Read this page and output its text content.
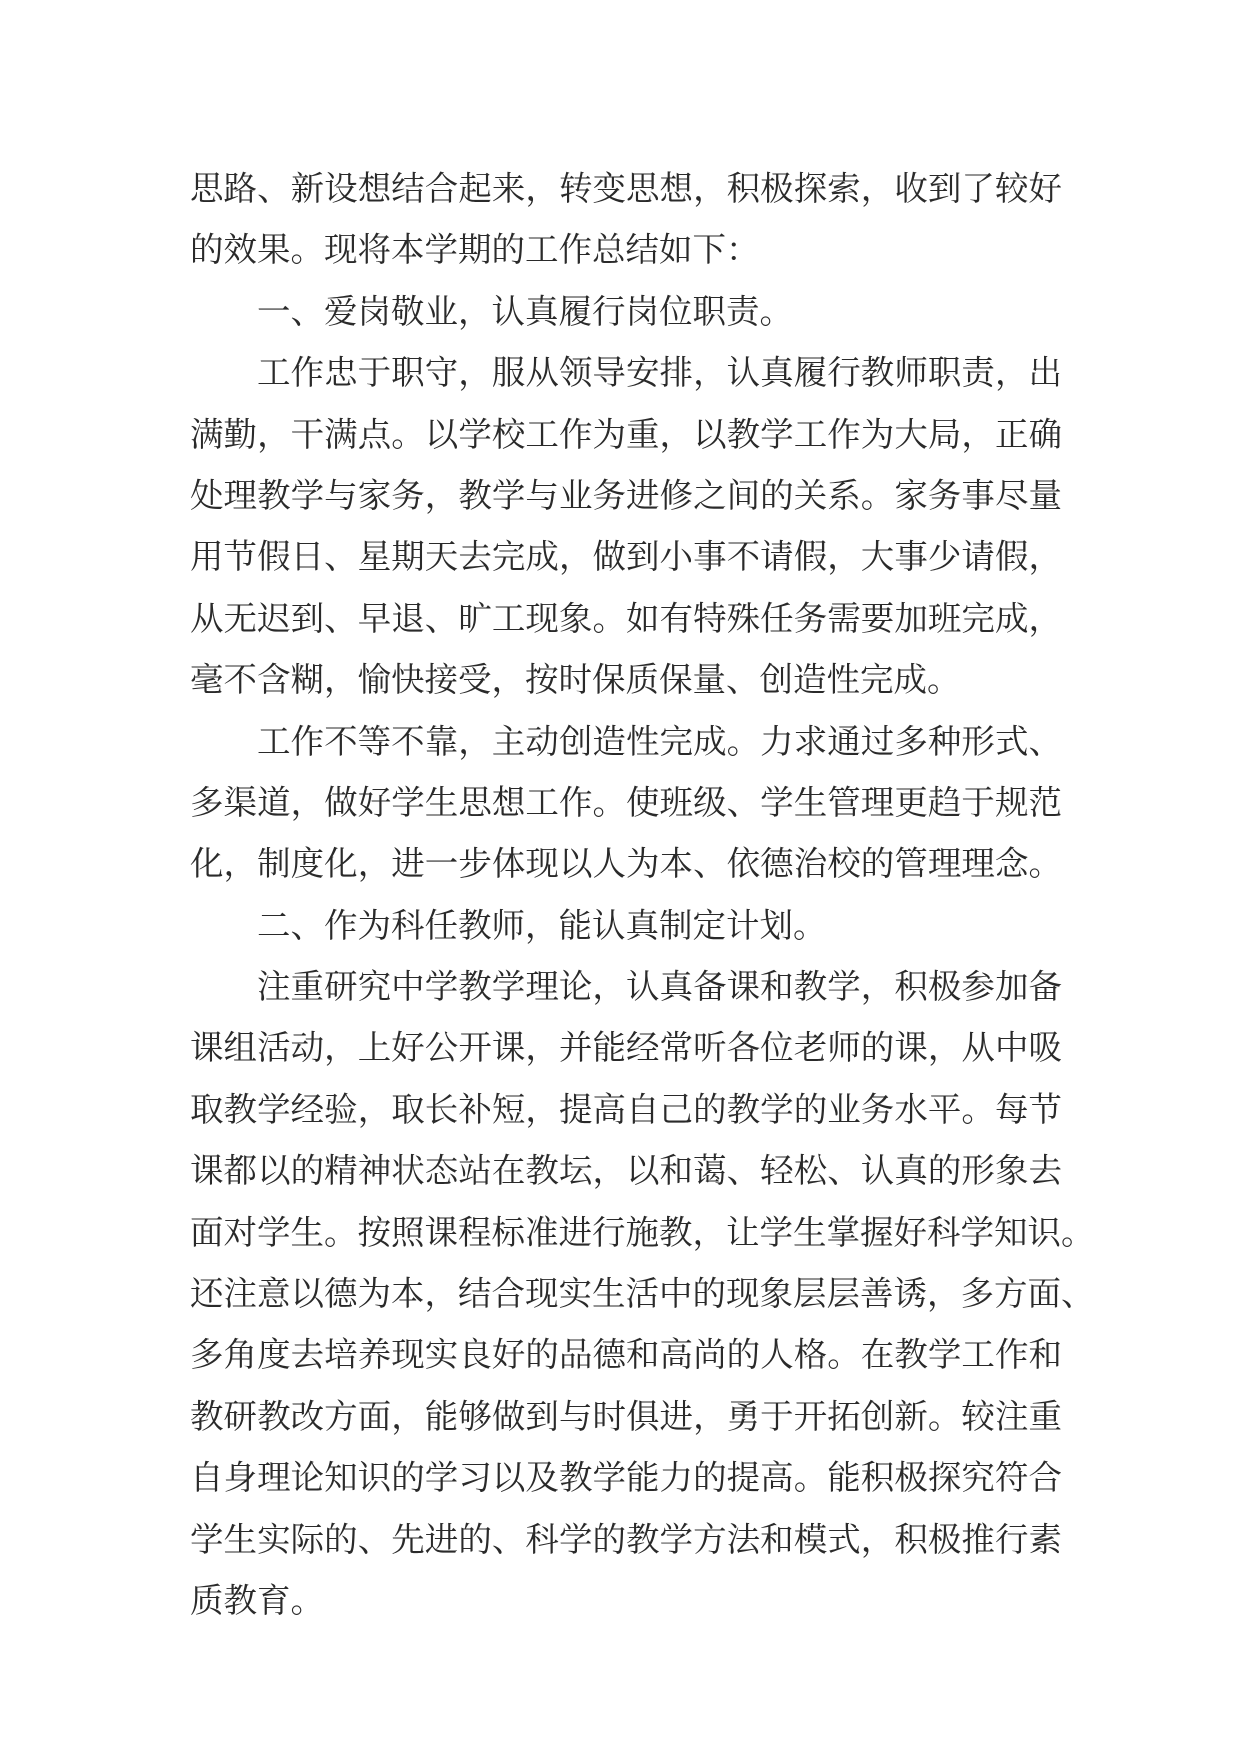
思路、新设想结合起来，转变思想，积极探索，收到了较好
的效果。现将本学期的工作总结如下：
一、爱岗敬业，认真履行岗位职责。
工作忠于职守，服从领导安排，认真履行教师职责，出
满勤，干满点。以学校工作为重，以教学工作为大局，正确
处理教学与家务，教学与业务进修之间的关系。家务事尽量
用节假日、星期天去完成，做到小事不请假，大事少请假，
从无迟到、早退、旷工现象。如有特殊任务需要加班完成，
毫不含糊，愉快接受，按时保质保量、创造性完成。
工作不等不靠，主动创造性完成。力求通过多种形式、
多渠道，做好学生思想工作。使班级、学生管理更趋于规范
化，制度化，进一步体现以人为本、依德治校的管理理念。
二、作为科任教师，能认真制定计划。
注重研究中学教学理论，认真备课和教学，积极参加备
课组活动，上好公开课，并能经常听各位老师的课，从中吸
取教学经验，取长补短，提高自己的教学的业务水平。每节
课都以的精神状态站在教坛，以和蔼、轻松、认真的形象去
面对学生。按照课程标准进行施教，让学生掌握好科学知识。
还注意以德为本，结合现实生活中的现象层层善诱，多方面、
多角度去培养现实良好的品德和高尚的人格。在教学工作和
教研教改方面，能够做到与时俱进，勇于开拓创新。较注重
自身理论知识的学习以及教学能力的提高。能积极探究符合
学生实际的、先进的、科学的教学方法和模式，积极推行素
质教育。
